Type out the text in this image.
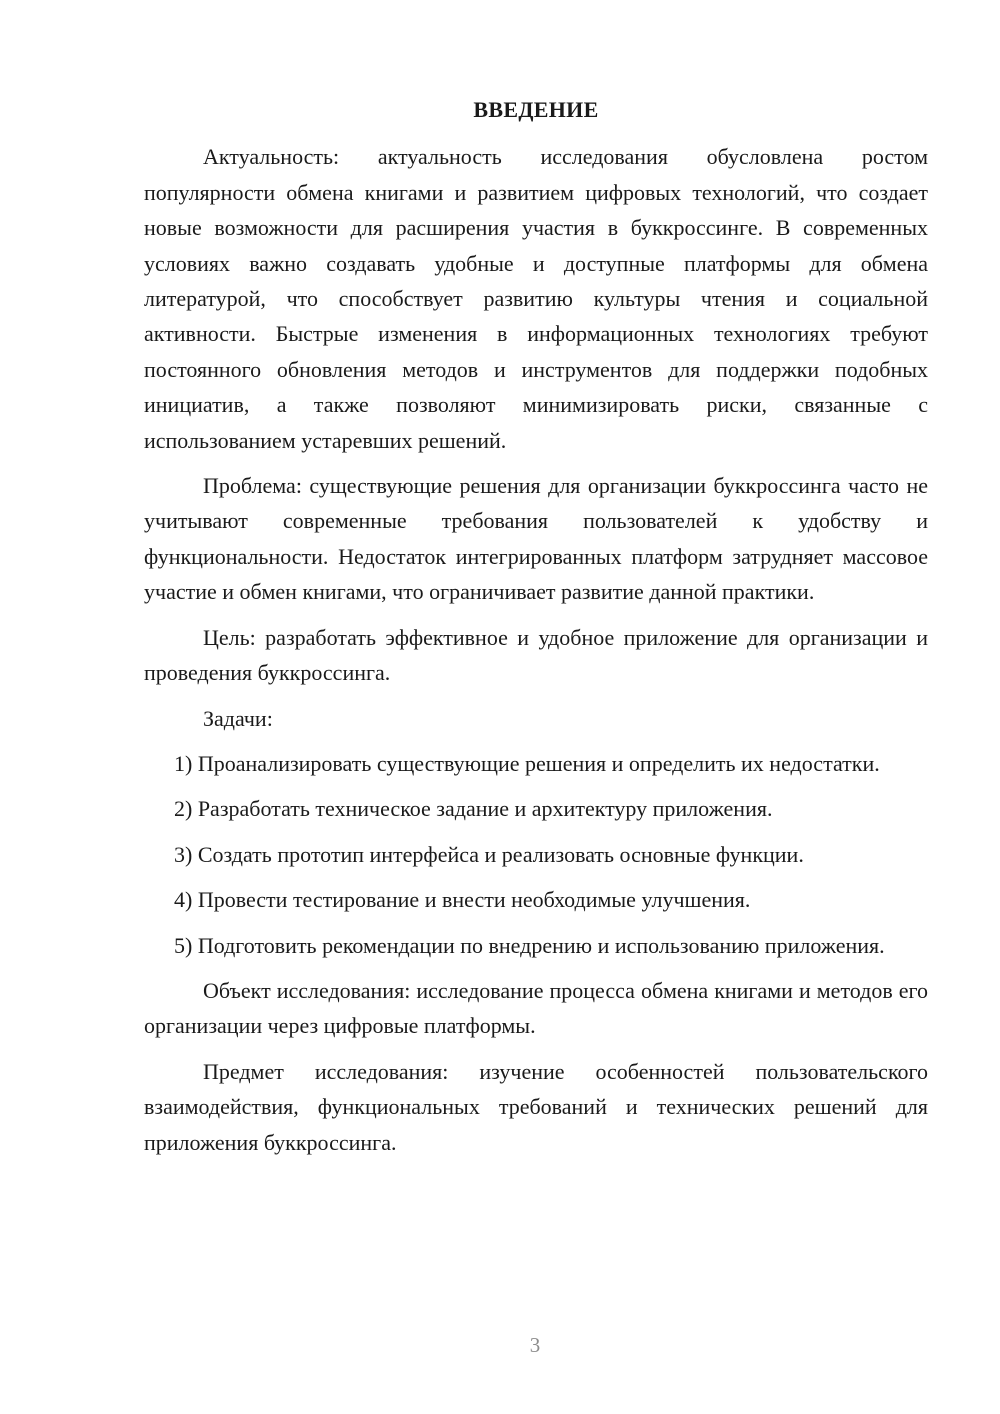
ВВЕДЕНИЕ

Актуальность: актуальность исследования обусловлена ростом популярности обмена книгами и развитием цифровых технологий, что создает новые возможности для расширения участия в буккроссинге. В современных условиях важно создавать удобные и доступные платформы для обмена литературой, что способствует развитию культуры чтения и социальной активности. Быстрые изменения в информационных технологиях требуют постоянного обновления методов и инструментов для поддержки подобных инициатив, а также позволяют минимизировать риски, связанные с использованием устаревших решений.

Проблема: существующие решения для организации буккроссинга часто не учитывают современные требования пользователей к удобству и функциональности. Недостаток интегрированных платформ затрудняет массовое участие и обмен книгами, что ограничивает развитие данной практики.

Цель: разработать эффективное и удобное приложение для организации и проведения буккроссинга.

Задачи:

1) Проанализировать существующие решения и определить их недостатки.

2) Разработать техническое задание и архитектуру приложения.

3) Создать прототип интерфейса и реализовать основные функции.

4) Провести тестирование и внести необходимые улучшения.

5) Подготовить рекомендации по внедрению и использованию приложения.

Объект исследования: исследование процесса обмена книгами и методов его организации через цифровые платформы.

Предмет исследования: изучение особенностей пользовательского взаимодействия, функциональных требований и технических решений для приложения буккроссинга.

3
